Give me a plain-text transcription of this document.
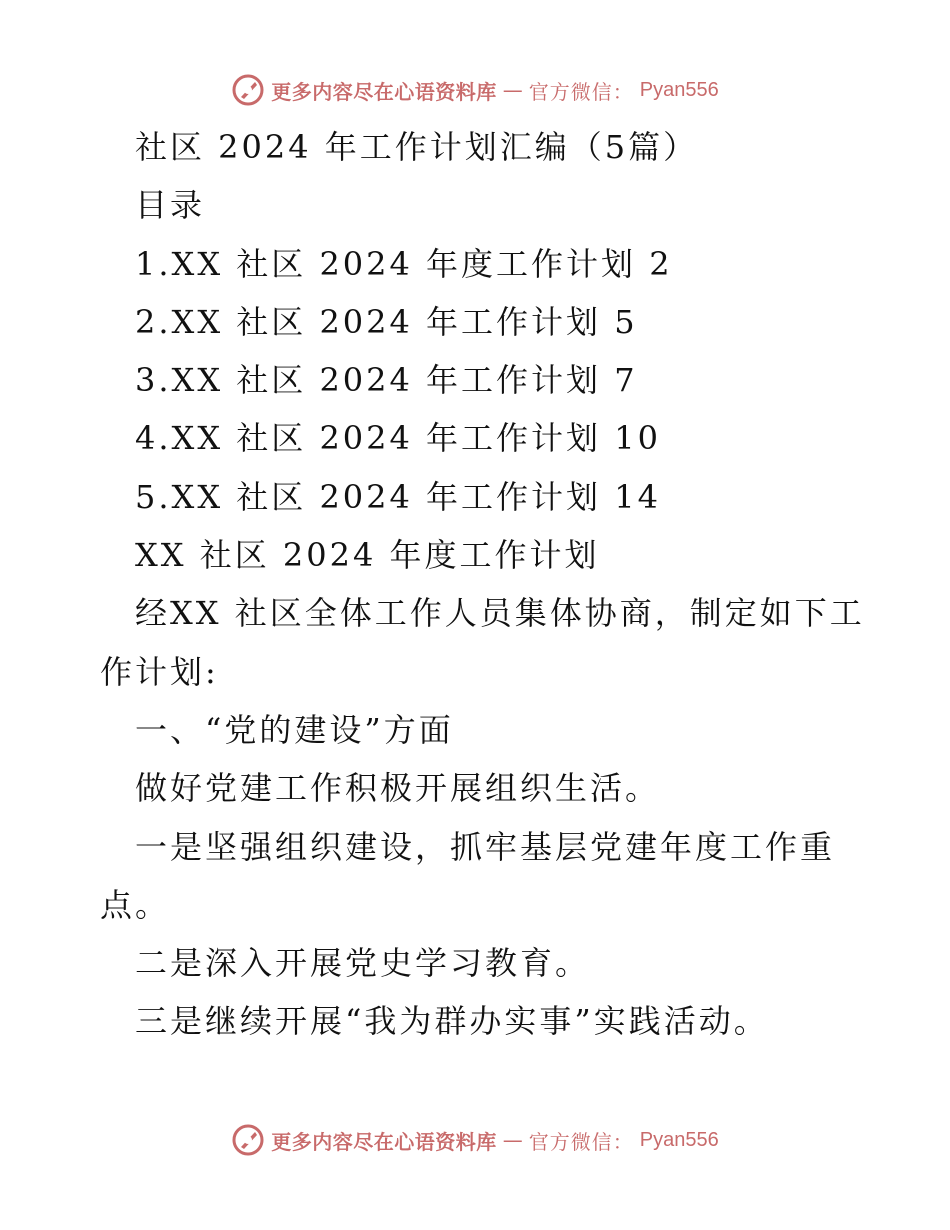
更多内容尽在心语资料库 — 官方微信： Pyan556
社区 2024 年工作计划汇编（5篇）
目录
1.XX 社区 2024 年度工作计划 2
2.XX 社区 2024 年工作计划 5
3.XX 社区 2024 年工作计划 7
4.XX 社区 2024 年工作计划 10
5.XX 社区 2024 年工作计划 14
XX 社区 2024 年度工作计划
经XX 社区全体工作人员集体协商，制定如下工
作计划:
一、“党的建设”方面
做好党建工作积极开展组织生活。
一是坚强组织建设，抓牢基层党建年度工作重
点。
二是深入开展党史学习教育。
三是继续开展“我为群办实事”实践活动。
更多内容尽在心语资料库 — 官方微信： Pyan556
